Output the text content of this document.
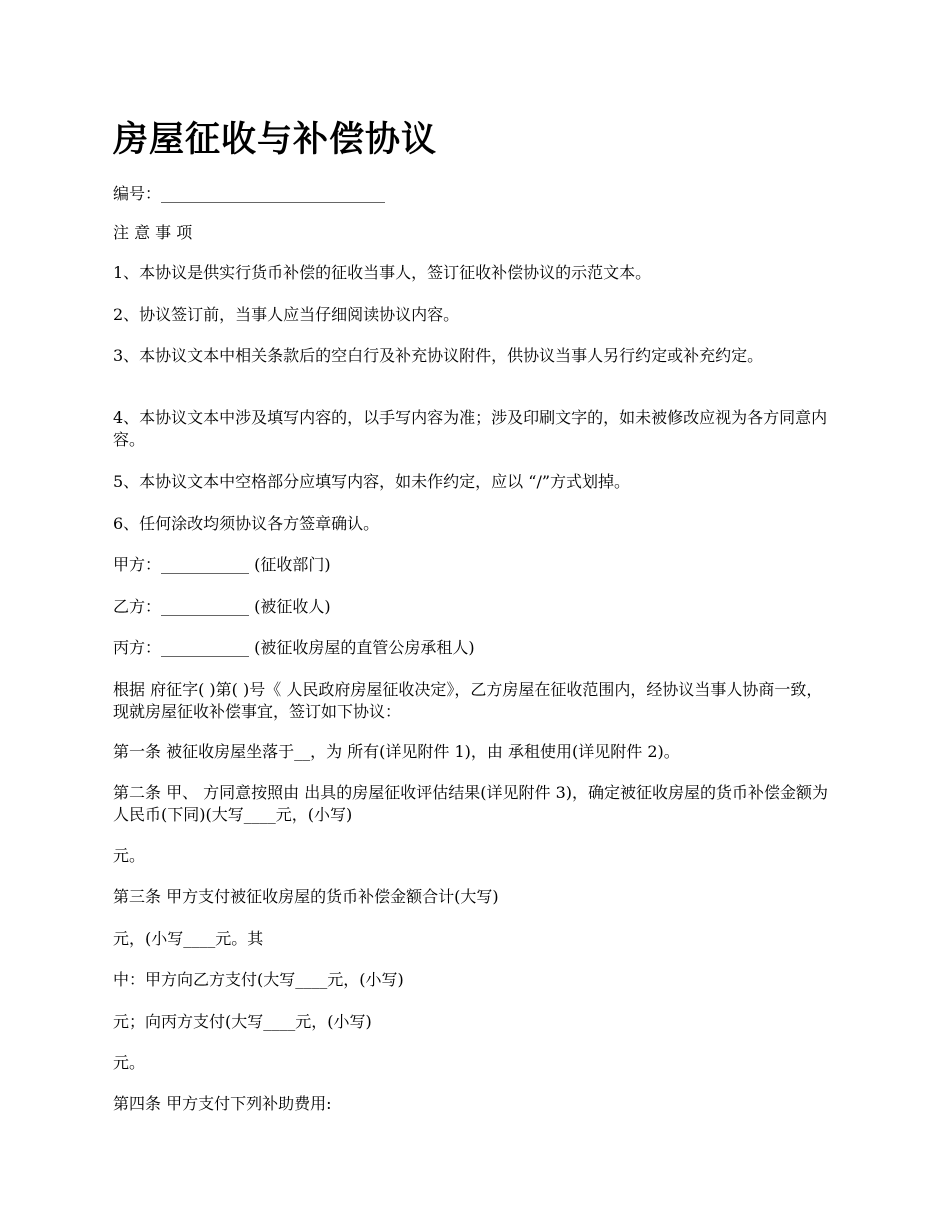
房屋征收与补偿协议

编号：____________________________

注 意 事 项

1、本协议是供实行货币补偿的征收当事人，签订征收补偿协议的示范文本。

2、协议签订前，当事人应当仔细阅读协议内容。

3、本协议文本中相关条款后的空白行及补充协议附件，供协议当事人另行约定或补充约定。

4、本协议文本中涉及填写内容的，以手写内容为准；涉及印刷文字的，如未被修改应视为各方同意内容。

5、本协议文本中空格部分应填写内容，如未作约定，应以 “/”方式划掉。

6、任何涂改均须协议各方签章确认。

甲方：___________ (征收部门)

乙方：___________ (被征收人)

丙方：___________ (被征收房屋的直管公房承租人)

根据 府征字( )第( )号《 人民政府房屋征收决定》，乙方房屋在征收范围内，经协议当事人协商一致，现就房屋征收补偿事宜，签订如下协议：

第一条 被征收房屋坐落于__，为 所有(详见附件 1)，由 承租使用(详见附件 2)。

第二条 甲、 方同意按照由 出具的房屋征收评估结果(详见附件 3)，确定被征收房屋的货币补偿金额为人民币(下同)(大写____元，(小写)

元。

第三条 甲方支付被征收房屋的货币补偿金额合计(大写)

元，(小写____元。其

中：甲方向乙方支付(大写____元，(小写)

元；向丙方支付(大写____元，(小写)

元。

第四条 甲方支付下列补助费用:
